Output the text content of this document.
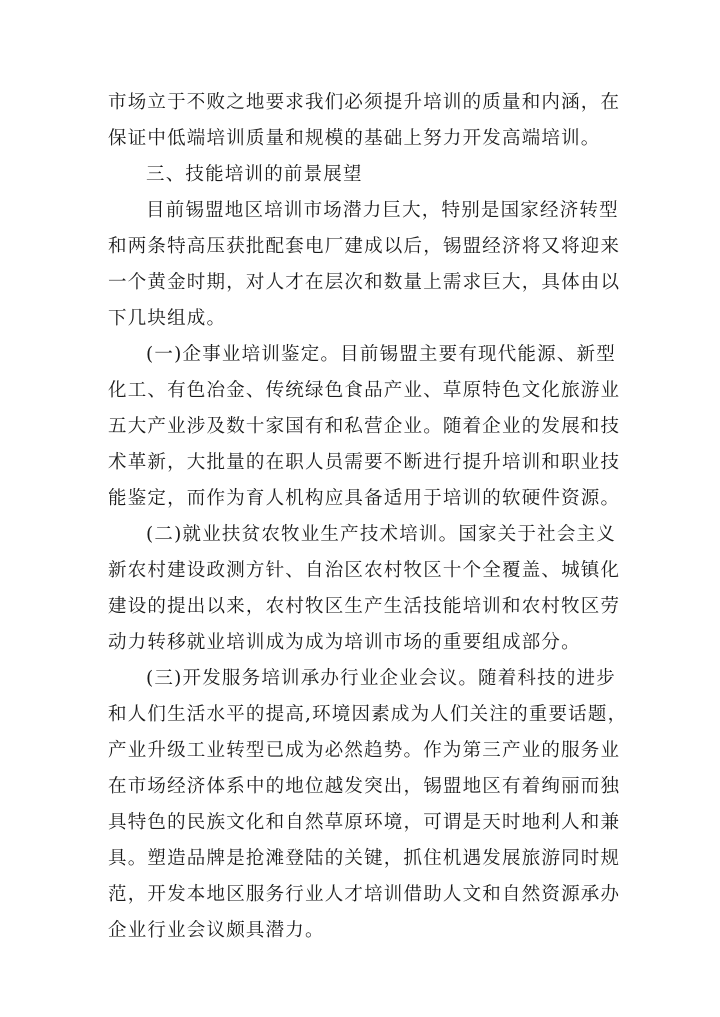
市场立于不败之地要求我们必须提升培训的质量和内涵，在
保证中低端培训质量和规模的基础上努力开发高端培训。
三、技能培训的前景展望
目前锡盟地区培训市场潜力巨大，特别是国家经济转型
和两条特高压获批配套电厂建成以后，锡盟经济将又将迎来
一个黄金时期，对人才在层次和数量上需求巨大，具体由以
下几块组成。
(一)企事业培训鉴定。目前锡盟主要有现代能源、新型
化工、有色冶金、传统绿色食品产业、草原特色文化旅游业
五大产业涉及数十家国有和私营企业。随着企业的发展和技
术革新，大批量的在职人员需要不断进行提升培训和职业技
能鉴定，而作为育人机构应具备适用于培训的软硬件资源。
(二)就业扶贫农牧业生产技术培训。国家关于社会主义
新农村建设政测方针、自治区农村牧区十个全覆盖、城镇化
建设的提出以来，农村牧区生产生活技能培训和农村牧区劳
动力转移就业培训成为成为培训市场的重要组成部分。
(三)开发服务培训承办行业企业会议。随着科技的进步
和人们生活水平的提高,环境因素成为人们关注的重要话题，
产业升级工业转型已成为必然趋势。作为第三产业的服务业
在市场经济体系中的地位越发突出，锡盟地区有着绚丽而独
具特色的民族文化和自然草原环境，可谓是天时地利人和兼
具。塑造品牌是抢滩登陆的关键，抓住机遇发展旅游同时规
范，开发本地区服务行业人才培训借助人文和自然资源承办
企业行业会议颇具潜力。
